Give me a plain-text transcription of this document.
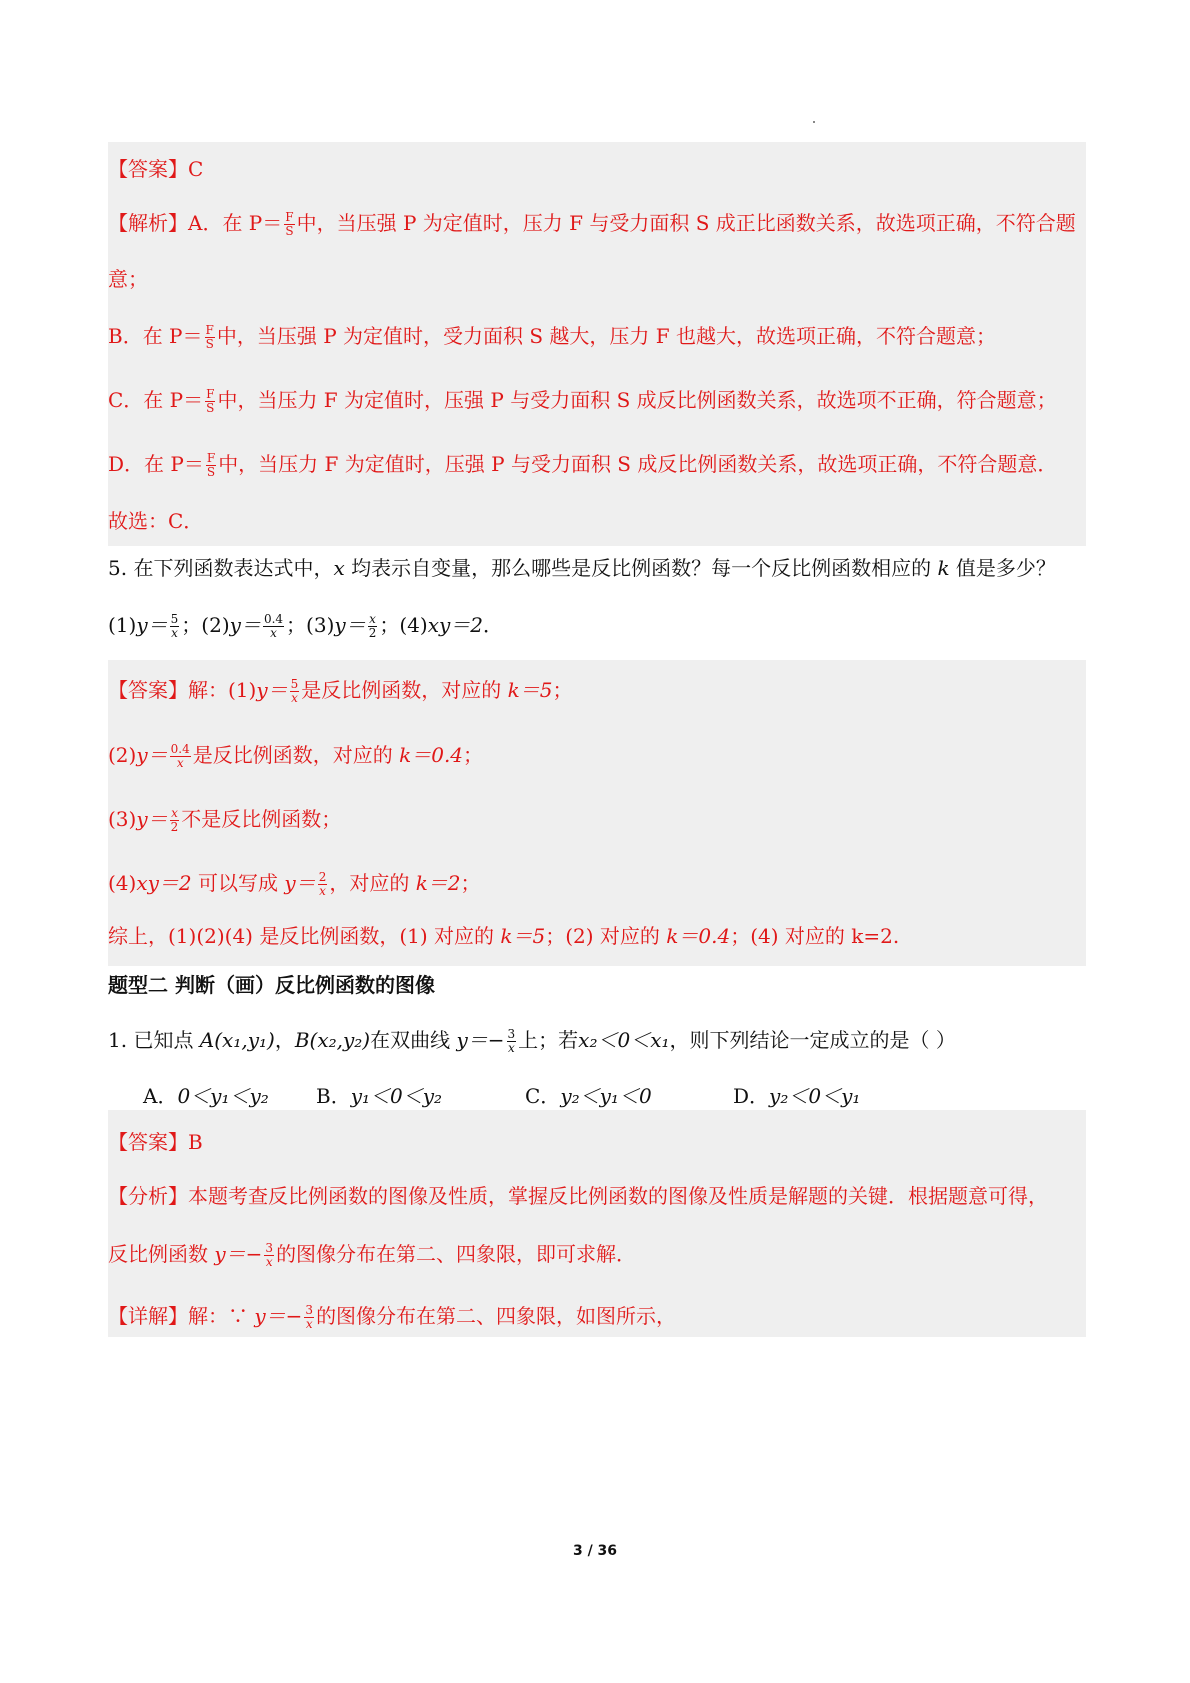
【答案】C
【解析】A．在 $P= \frac{F}{S}$ 中，当压强 P 为定值时，压力 F 与受力面积 S 成正比函数关系，故选项正确，不符合题
意；
B．在 $P= \frac{F}{S}$ 中，当压强 P 为定值时，受力面积 S 越大，压力 F 也越大，故选项正确，不符合题意；
C．在 $P= \frac{F}{S}$ 中，当压力 F 为定值时，压强 P 与受力面积 S 成反比例函数关系，故选项不正确，符合题意；
D．在 $P= \frac{F}{S}$ 中，当压力 F 为定值时，压强 P 与受力面积 S 成反比例函数关系，故选项正确，不符合题意．
故选：C．
5. 在下列函数表达式中，x 均表示自变量，那么哪些是反比例函数？每一个反比例函数相应的 k 值是多少？
$(1)y= \frac{5}{x}$ ；$(2)y= \frac{0.4}{x}$ ；$(3)y= \frac{x}{2}$ ；(4)xy＝2．
【答案】解：$(1)y= \frac{5}{x}$ 是反比例函数，对应的 k＝5；
$(2)y= \frac{0.4}{x}$ 是反比例函数，对应的 k＝0.4；
$(3)y= \frac{x}{2}$ 不是反比例函数；
(4)xy＝2 可以写成 $y= \frac{2}{x}$ ，对应的 k＝2；
综上，(1)(2)(4) 是反比例函数，(1) 对应的 k＝5；(2) 对应的 k＝0.4；(4) 对应的 k=2.
题型二 判断（画）反比例函数的图像
1. 已知点 A(x₁,y₁)，B(x₂,y₂)在双曲线 $y=- \frac{3}{x}$ 上；若x₂＜0＜x₁，则下列结论一定成立的是（ ）
A．0＜y₁＜y₂ B．y₁＜0＜y₂	C．y₂＜y₁＜0	D．y₂＜0＜y₁
【答案】B
【分析】本题考查反比例函数的图像及性质，掌握反比例函数的图像及性质是解题的关键．根据题意可得，
反比例函数 $y=- \frac{3}{x}$ 的图像分布在第二、四象限，即可求解．
【详解】解：∵ $y=- \frac{3}{x}$ 的图像分布在第二、四象限，如图所示，
3 / 36
